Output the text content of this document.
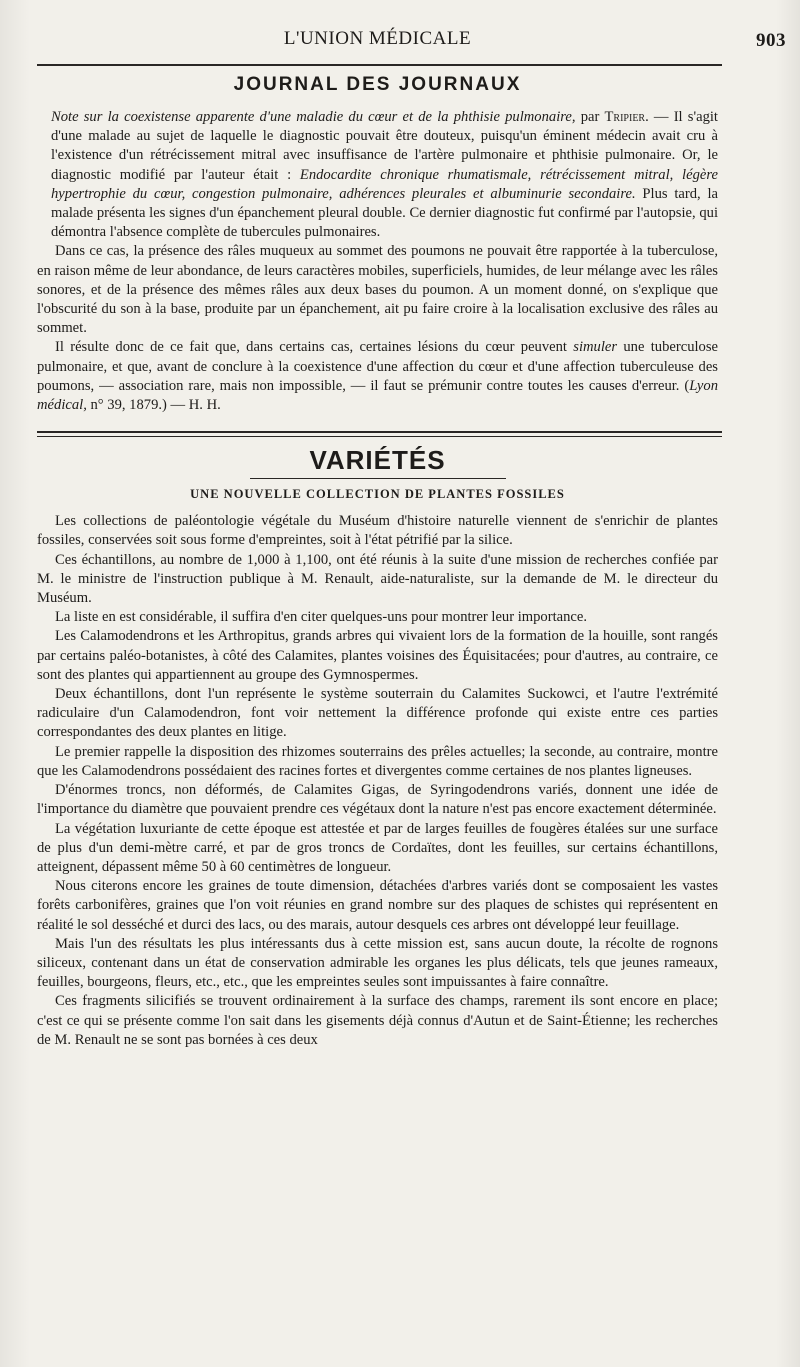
L'UNION MÉDICALE	903
JOURNAL DES JOURNAUX

Note sur la coexistense apparente d'une maladie du cœur et de la phthisie pulmonaire, par Tripier. — Il s'agit d'une malade au sujet de laquelle le diagnostic pouvait être douteux, puisqu'un éminent médecin avait cru à l'existence d'un rétrécissement mitral avec insuffisance de l'artère pulmonaire et phthisie pulmonaire. Or, le diagnostic modifié par l'auteur était : Endocardite chronique rhumatismale, rétrécissement mitral, légère hypertrophie du cœur, congestion pulmonaire, adhérences pleurales et albuminurie secondaire. Plus tard, la malade présenta les signes d'un épanchement pleural double. Ce dernier diagnostic fut confirmé par l'autopsie, qui démontra l'absence complète de tubercules pulmonaires.

Dans ce cas, la présence des râles muqueux au sommet des poumons ne pouvait être rapportée à la tuberculose, en raison même de leur abondance, de leurs caractères mobiles, superficiels, humides, de leur mélange avec les râles sonores, et de la présence des mêmes râles aux deux bases du poumon. A un moment donné, on s'explique que l'obscurité du son à la base, produite par un épanchement, ait pu faire croire à la localisation exclusive des râles au sommet.

Il résulte donc de ce fait que, dans certains cas, certaines lésions du cœur peuvent simuler une tuberculose pulmonaire, et que, avant de conclure à la coexistence d'une affection du cœur et d'une affection tuberculeuse des poumons, — association rare, mais non impossible, — il faut se prémunir contre toutes les causes d'erreur. (Lyon médical, n° 39, 1879.) — H. H.

VARIÉTÉS
UNE NOUVELLE COLLECTION DE PLANTES FOSSILES

Les collections de paléontologie végétale du Muséum d'histoire naturelle viennent de s'enrichir de plantes fossiles, conservées soit sous forme d'empreintes, soit à l'état pétrifié par la silice.

Ces échantillons, au nombre de 1,000 à 1,100, ont été réunis à la suite d'une mission de recherches confiée par M. le ministre de l'instruction publique à M. Renault, aide-naturaliste, sur la demande de M. le directeur du Muséum.

La liste en est considérable, il suffira d'en citer quelques-uns pour montrer leur importance.

Les Calamodendrons et les Arthropitus, grands arbres qui vivaient lors de la formation de la houille, sont rangés par certains paléo-botanistes, à côté des Calamites, plantes voisines des Équisitacées; pour d'autres, au contraire, ce sont des plantes qui appartiennent au groupe des Gymnospermes.

Deux échantillons, dont l'un représente le système souterrain du Calamites Suckowci, et l'autre l'extrémité radiculaire d'un Calamodendron, font voir nettement la différence profonde qui existe entre ces parties correspondantes des deux plantes en litige.

Le premier rappelle la disposition des rhizomes souterrains des prêles actuelles; la seconde, au contraire, montre que les Calamodendrons possédaient des racines fortes et divergentes comme certaines de nos plantes ligneuses.

D'énormes troncs, non déformés, de Calamites Gigas, de Syringodendrons variés, donnent une idée de l'importance du diamètre que pouvaient prendre ces végétaux dont la nature n'est pas encore exactement déterminée.

La végétation luxuriante de cette époque est attestée et par de larges feuilles de fougères étalées sur une surface de plus d'un demi-mètre carré, et par de gros troncs de Cordaïtes, dont les feuilles, sur certains échantillons, atteignent, dépassent même 50 à 60 centimètres de longueur.

Nous citerons encore les graines de toute dimension, détachées d'arbres variés dont se composaient les vastes forêts carbonifères, graines que l'on voit réunies en grand nombre sur des plaques de schistes qui représentent en réalité le sol desséché et durci des lacs, ou des marais, autour desquels ces arbres ont développé leur feuillage.

Mais l'un des résultats les plus intéressants dus à cette mission est, sans aucun doute, la récolte de rognons siliceux, contenant dans un état de conservation admirable les organes les plus délicats, tels que jeunes rameaux, feuilles, bourgeons, fleurs, etc., etc., que les empreintes seules sont impuissantes à faire connaître.

Ces fragments silicifiés se trouvent ordinairement à la surface des champs, rarement ils sont encore en place; c'est ce qui se présente comme l'on sait dans les gisements déjà connus d'Autun et de Saint-Étienne; les recherches de M. Renault ne se sont pas bornées à ces deux
